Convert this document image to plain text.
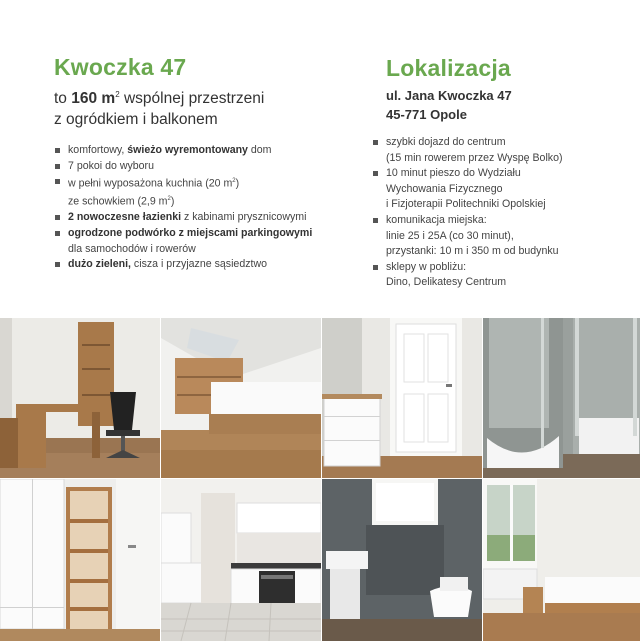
Kwoczka 47
to 160 $m^2$ wspólnej przestrzeni
z ogródkiem i balkonem
komfortowy, świeżo wyremontowany dom
7 pokoi do wyboru
w pełni wyposażona kuchnia (20 $m^2$)
ze schowkiem (2,9 $m^2$)
2 nowoczesne łazienki z kabinami prysznicowymi
ogrodzone podwórko z miejscami parkingowymi
dla samochodów i rowerów
dużo zieleni, cisza i przyjazne sąsiedztwo
Lokalizacja
ul. Jana Kwoczka 47
45-771 Opole
szybki dojazd do centrum
(15 min rowerem przez Wyspę Bolko)
10 minut pieszo do Wydziału
Wychowania Fizycznego
i Fizjoterapii Politechniki Opolskiej
komunikacja miejska:
linie 25 i 25A (co 30 minut),
przystanki: 10 m i 350 m od budynku
sklepy w pobliżu:
Dino, Delikatesy Centrum
